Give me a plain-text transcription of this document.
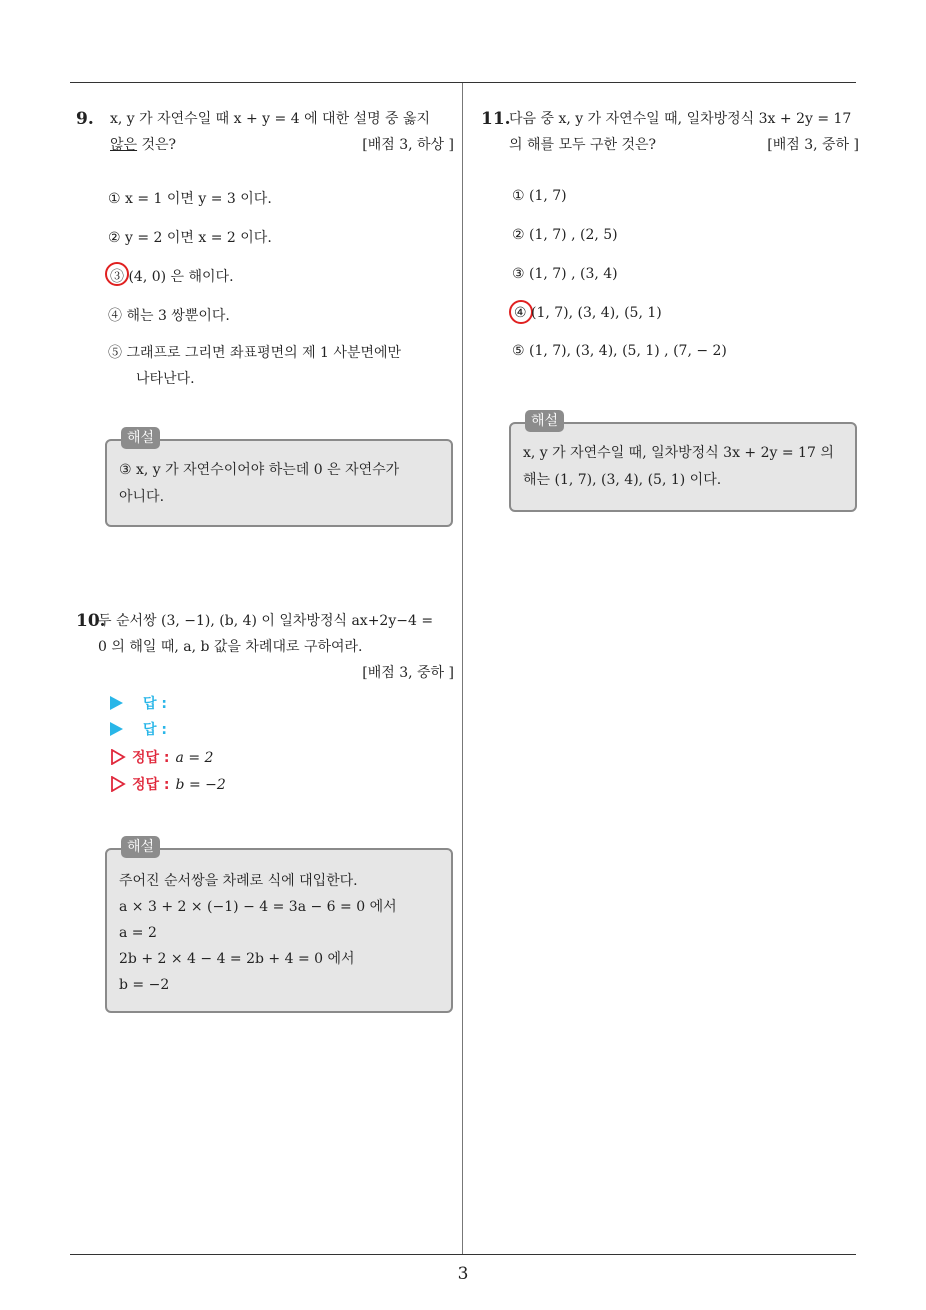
9. x, y 가 자연수일 때 x + y = 4 에 대한 설명 중 옳지
않은 것은?	[배점 3, 하상 ]
① x = 1 이면 y = 3 이다.
② y = 2 이면 x = 2 이다.
③ (4, 0) 은 해이다.
④ 해는 3 쌍뿐이다.
⑤ 그래프로 그리면 좌표평면의 제 1 사분면에만
나타난다.
해설
③ x, y 가 자연수이어야 하는데 0 은 자연수가
아니다.
10.
두 순서쌍 (3, −1), (b, 4) 이 일차방정식 ax+2y−4 =
0 의 해일 때, a, b 값을 차례대로 구하여라.
[배점 3, 중하 ]
답 :
답 :
정답 : a = 2
정답 : b = −2
해설
주어진 순서쌍을 차례로 식에 대입한다.
a × 3 + 2 × (−1) − 4 = 3a − 6 = 0 에서
a = 2
2b + 2 × 4 − 4 = 2b + 4 = 0 에서
b = −2
11.
다음 중 x, y 가 자연수일 때, 일차방정식 3x + 2y = 17
의 해를 모두 구한 것은?	[배점 3, 중하 ]
① (1, 7)
② (1, 7) , (2, 5)
③ (1, 7) , (3, 4)
④ (1, 7), (3, 4), (5, 1)
⑤ (1, 7), (3, 4), (5, 1) , (7, − 2)
해설
x, y 가 자연수일 때, 일차방정식 3x + 2y = 17 의
해는 (1, 7), (3, 4), (5, 1) 이다.
3
